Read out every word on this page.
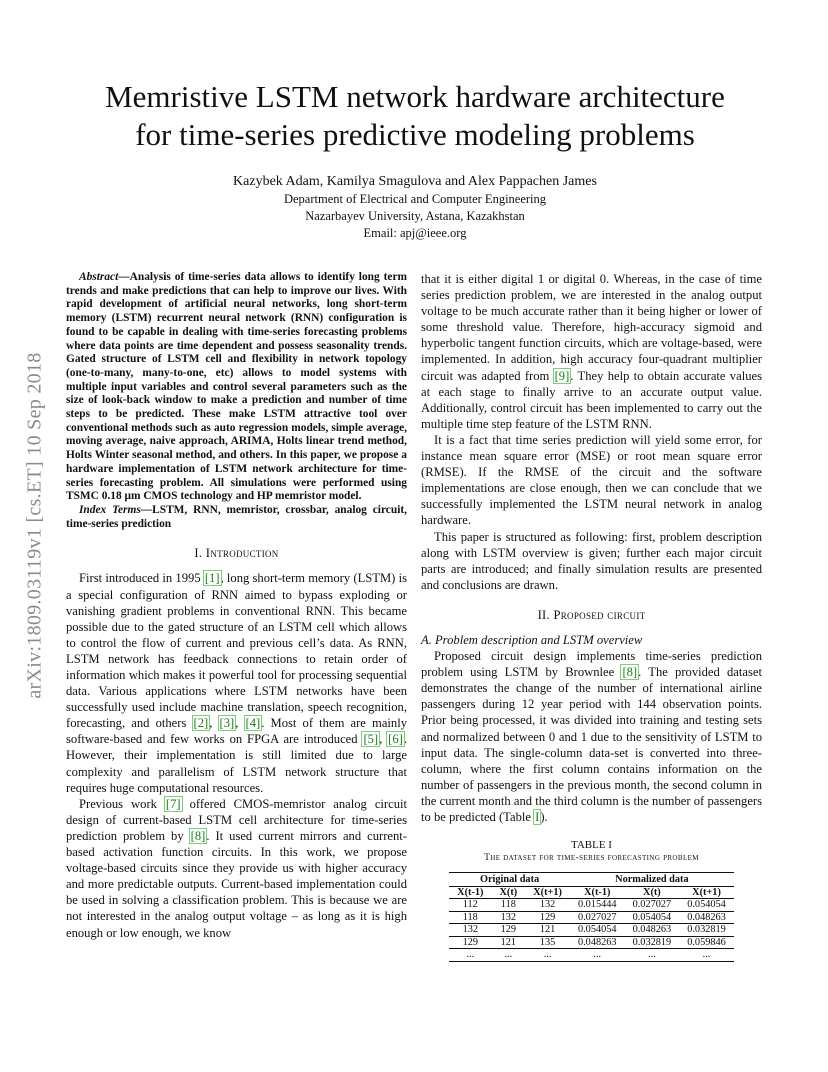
Memristive LSTM network hardware architecture
for time-series predictive modeling problems
Kazybek Adam, Kamilya Smagulova and Alex Pappachen James
Department of Electrical and Computer Engineering
Nazarbayev University, Astana, Kazakhstan
Email: apj@ieee.org
arXiv:1809.03119v1 [cs.ET] 10 Sep 2018

Abstract—Analysis of time-series data allows to identify long term trends and make predictions that can help to improve our lives. With rapid development of artificial neural networks, long short-term memory (LSTM) recurrent neural network (RNN) configuration is found to be capable in dealing with time-series forecasting problems where data points are time dependent and possess seasonality trends. Gated structure of LSTM cell and flexibility in network topology (one-to-many, many-to-one, etc) allows to model systems with multiple input variables and control several parameters such as the size of look-back window to make a prediction and number of time steps to be predicted. These make LSTM attractive tool over conventional methods such as auto regression models, simple average, moving average, naive approach, ARIMA, Holts linear trend method, Holts Winter seasonal method, and others. In this paper, we propose a hardware implementation of LSTM network architecture for time-series forecasting problem. All simulations were performed using TSMC 0.18 μm CMOS technology and HP memristor model.

Index Terms—LSTM, RNN, memristor, crossbar, analog circuit, time-series prediction

I. Introduction

First introduced in 1995 [1], long short-term memory (LSTM) is a special configuration of RNN aimed to bypass exploding or vanishing gradient problems in conventional RNN. This became possible due to the gated structure of an LSTM cell which allows to control the flow of current and previous cell’s data. As RNN, LSTM network has feedback connections to retain order of information which makes it powerful tool for processing sequential data. Various applications where LSTM networks have been successfully used include machine translation, speech recognition, forecasting, and others [2], [3], [4]. Most of them are mainly software-based and few works on FPGA are introduced [5], [6]. However, their implementation is still limited due to large complexity and parallelism of LSTM network structure that requires huge computational resources.

Previous work [7] offered CMOS-memristor analog circuit design of current-based LSTM cell architecture for time-series prediction problem by [8]. It used current mirrors and current-based activation function circuits. In this work, we propose voltage-based circuits since they provide us with higher accuracy and more predictable outputs. Current-based implementation could be used in solving a classification problem. This is because we are not interested in the analog output voltage – as long as it is high enough or low enough, we know

that it is either digital 1 or digital 0. Whereas, in the case of time series prediction problem, we are interested in the analog output voltage to be much accurate rather than it being higher or lower of some threshold value. Therefore, high-accuracy sigmoid and hyperbolic tangent function circuits, which are voltage-based, were implemented. In addition, high accuracy four-quadrant multiplier circuit was adapted from [9]. They help to obtain accurate values at each stage to finally arrive to an accurate output value. Additionally, control circuit has been implemented to carry out the multiple time step feature of the LSTM RNN.

It is a fact that time series prediction will yield some error, for instance mean square error (MSE) or root mean square error (RMSE). If the RMSE of the circuit and the software implementations are close enough, then we can conclude that we successfully implemented the LSTM neural network in analog hardware.

This paper is structured as following: first, problem description along with LSTM overview is given; further each major circuit parts are introduced; and finally simulation results are presented and conclusions are drawn.

II. Proposed circuit

A. Problem description and LSTM overview

Proposed circuit design implements time-series prediction problem using LSTM by Brownlee [8]. The provided dataset demonstrates the change of the number of international airline passengers during 12 year period with 144 observation points. Prior being processed, it was divided into training and testing sets and normalized between 0 and 1 due to the sensitivity of LSTM to input data. The single-column data-set is converted into three-column, where the first column contains information on the number of passengers in the previous month, the second column in the current month and the third column is the number of passengers to be predicted (Table I).

TABLE I
The dataset for time-series forecasting problem
Original data			Normalized data		
X(t-1)	X(t)	X(t+1)	X(t-1)	X(t)	X(t+1)
112	118	132	0.015444	0.027027	0.054054
118	132	129	0.027027	0.054054	0.048263
132	129	121	0.054054	0.048263	0.032819
129	121	135	0.048263	0.032819	0.059846
...	...	...	...	...	...
